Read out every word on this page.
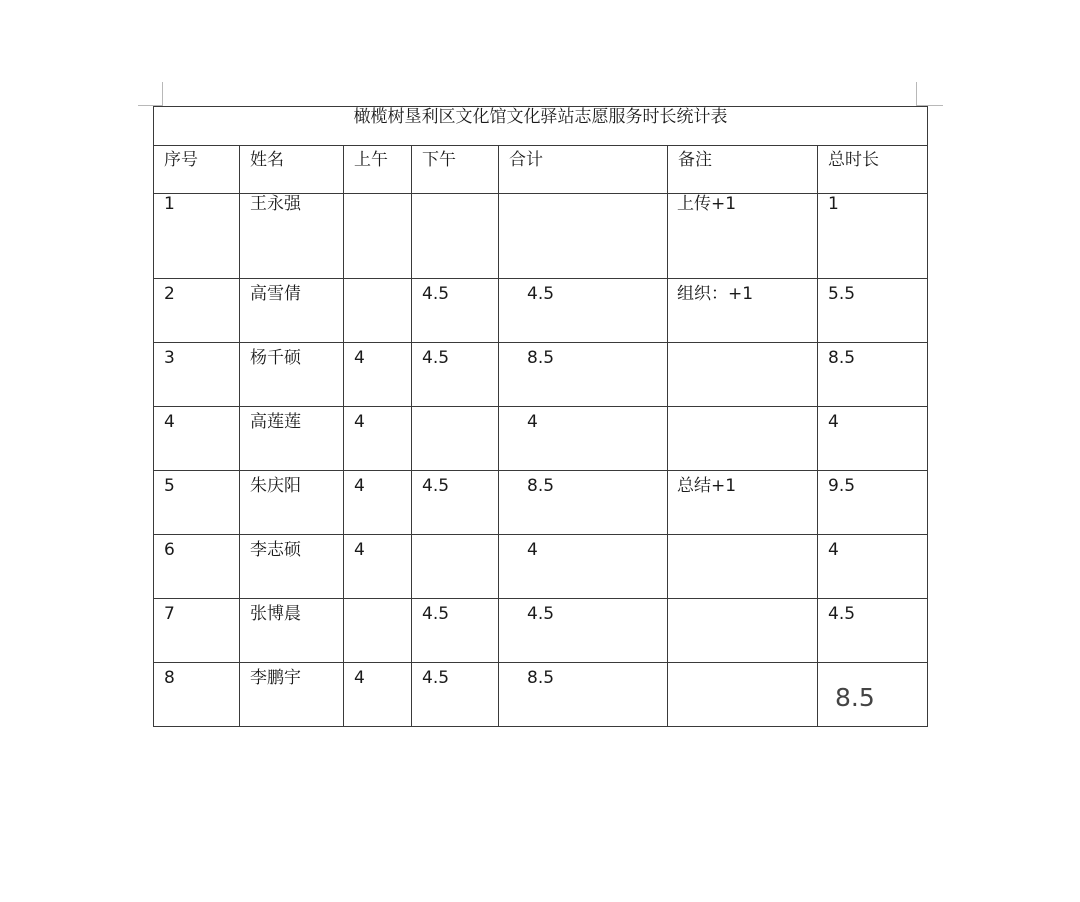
橄榄树垦利区文化馆文化驿站志愿服务时长统计表						

序号	姓名	上午	下午	合计	备注	总时长

1	王永强				上传+1	1

2	高雪倩		4.5	4.5	组织：+1	5.5

3	杨千硕	4	4.5	8.5		8.5

4	高莲莲	4		4		4

5	朱庆阳	4	4.5	8.5	总结+1	9.5

6	李志硕	4		4		4

7	张博晨		4.5	4.5		4.5

8	李鹏宇	4	4.5	8.5		8.5
